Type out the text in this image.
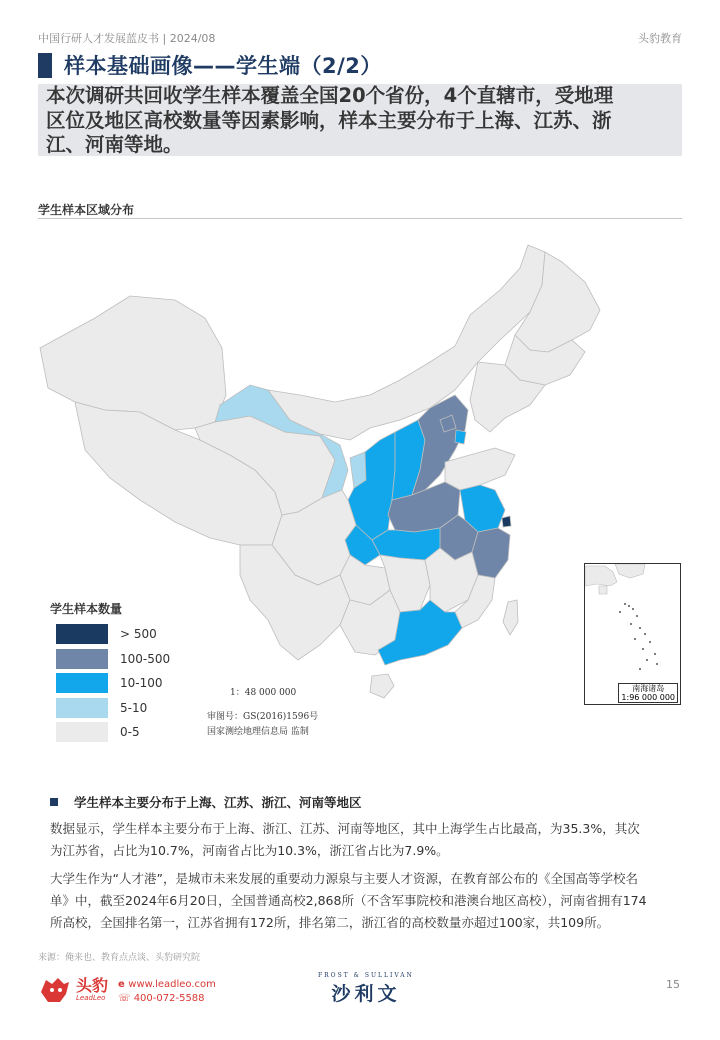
中国行研人才发展蓝皮书 | 2024/08	头豹教育
样本基础画像——学生端（2/2）
本次调研共回收学生样本覆盖全国20个省份，4个直辖市，受地理
区位及地区高校数量等因素影响，样本主要分布于上海、江苏、浙
江、河南等地。
学生样本区域分布
学生样本数量
> 500
100-500
10-100
5-10
0-5
1：48 000 000
审图号：GS(2016)1596号
国家测绘地理信息局 监制
南海诸岛
1:96 000 000
学生样本主要分布于上海、江苏、浙江、河南等地区
数据显示，学生样本主要分布于上海、浙江、江苏、河南等地区，其中上海学生占比最高，为35.3%，其次
为江苏省，占比为10.7%，河南省占比为10.3%，浙江省占比为7.9%。
大学生作为“人才港”，是城市未来发展的重要动力源泉与主要人才资源，在教育部公布的《全国高等学校名
单》中，截至2024年6月20日，全国普通高校2,868所（不含军事院校和港澳台地区高校），河南省拥有174
所高校，全国排名第一，江苏省拥有172所，排名第二，浙江省的高校数量亦超过100家，共109所。
来源：俺来也、教育点点谈、头豹研究院
头豹
LeadLeo
e www.leadleo.com
☏ 400-072-5588
FROST & SULLIVAN
沙利文	15
